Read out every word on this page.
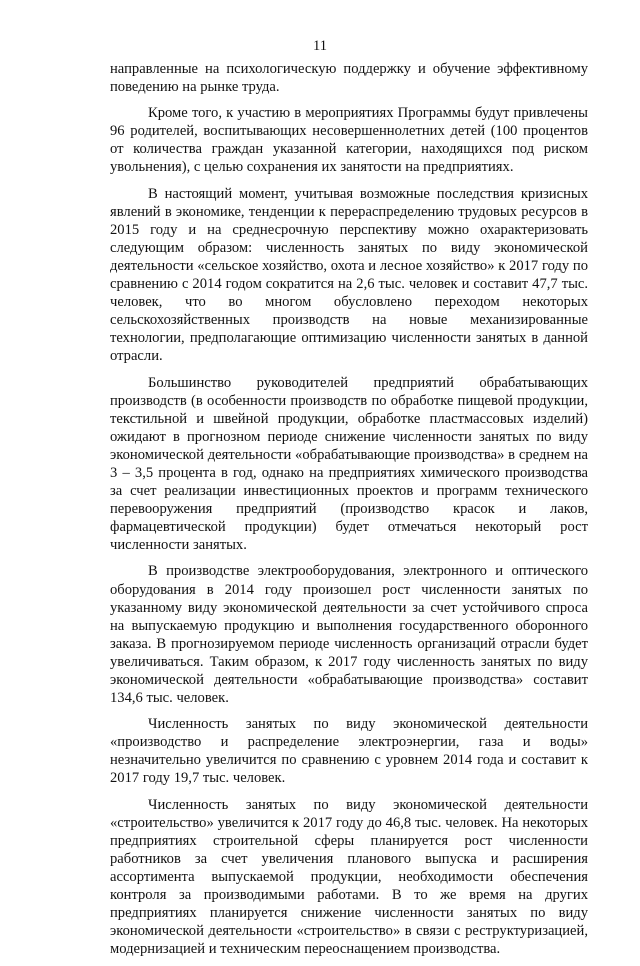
11

направленные на психологическую поддержку и обучение эффективному поведению на рынке труда.

Кроме того, к участию в мероприятиях Программы будут привлечены 96 родителей, воспитывающих несовершеннолетних детей (100 процентов от количества граждан указанной категории, находящихся под риском увольнения), с целью сохранения их занятости на предприятиях.

В настоящий момент, учитывая возможные последствия кризисных явлений в экономике, тенденции к перераспределению трудовых ресурсов в 2015 году и на среднесрочную перспективу можно охарактеризовать следующим образом: численность занятых по виду экономической деятельности «сельское хозяйство, охота и лесное хозяйство» к 2017 году по сравнению с 2014 годом сократится на 2,6 тыс. человек и составит 47,7 тыс. человек, что во многом обусловлено переходом некоторых сельскохозяйственных производств на новые механизированные технологии, предполагающие оптимизацию численности занятых в данной отрасли.

Большинство руководителей предприятий обрабатывающих производств (в особенности производств по обработке пищевой продукции, текстильной и швейной продукции, обработке пластмассовых изделий) ожидают в прогнозном периоде снижение численности занятых по виду экономической деятельности «обрабатывающие производства» в среднем на 3 – 3,5 процента в год, однако на предприятиях химического производства за счет реализации инвестиционных проектов и программ технического перевооружения предприятий (производство красок и лаков, фармацевтической продукции) будет отмечаться некоторый рост численности занятых.

В производстве электрооборудования, электронного и оптического оборудования в 2014 году произошел рост численности занятых по указанному виду экономической деятельности за счет устойчивого спроса на выпускаемую продукцию и выполнения государственного оборонного заказа. В прогнозируемом периоде численность организаций отрасли будет увеличиваться. Таким образом, к 2017 году численность занятых по виду экономической деятельности «обрабатывающие производства» составит 134,6 тыс. человек.

Численность занятых по виду экономической деятельности «производство и распределение электроэнергии, газа и воды» незначительно увеличится по сравнению с уровнем 2014 года и составит к 2017 году 19,7 тыс. человек.

Численность занятых по виду экономической деятельности «строительство» увеличится к 2017 году до 46,8 тыс. человек. На некоторых предприятиях строительной сферы планируется рост численности работников за счет увеличения планового выпуска и расширения ассортимента выпускаемой продукции, необходимости обеспечения контроля за производимыми работами. В то же время на других предприятиях планируется снижение численности занятых по виду экономической деятельности «строительство» в связи с реструктуризацией, модернизацией и техническим переоснащением производства.
